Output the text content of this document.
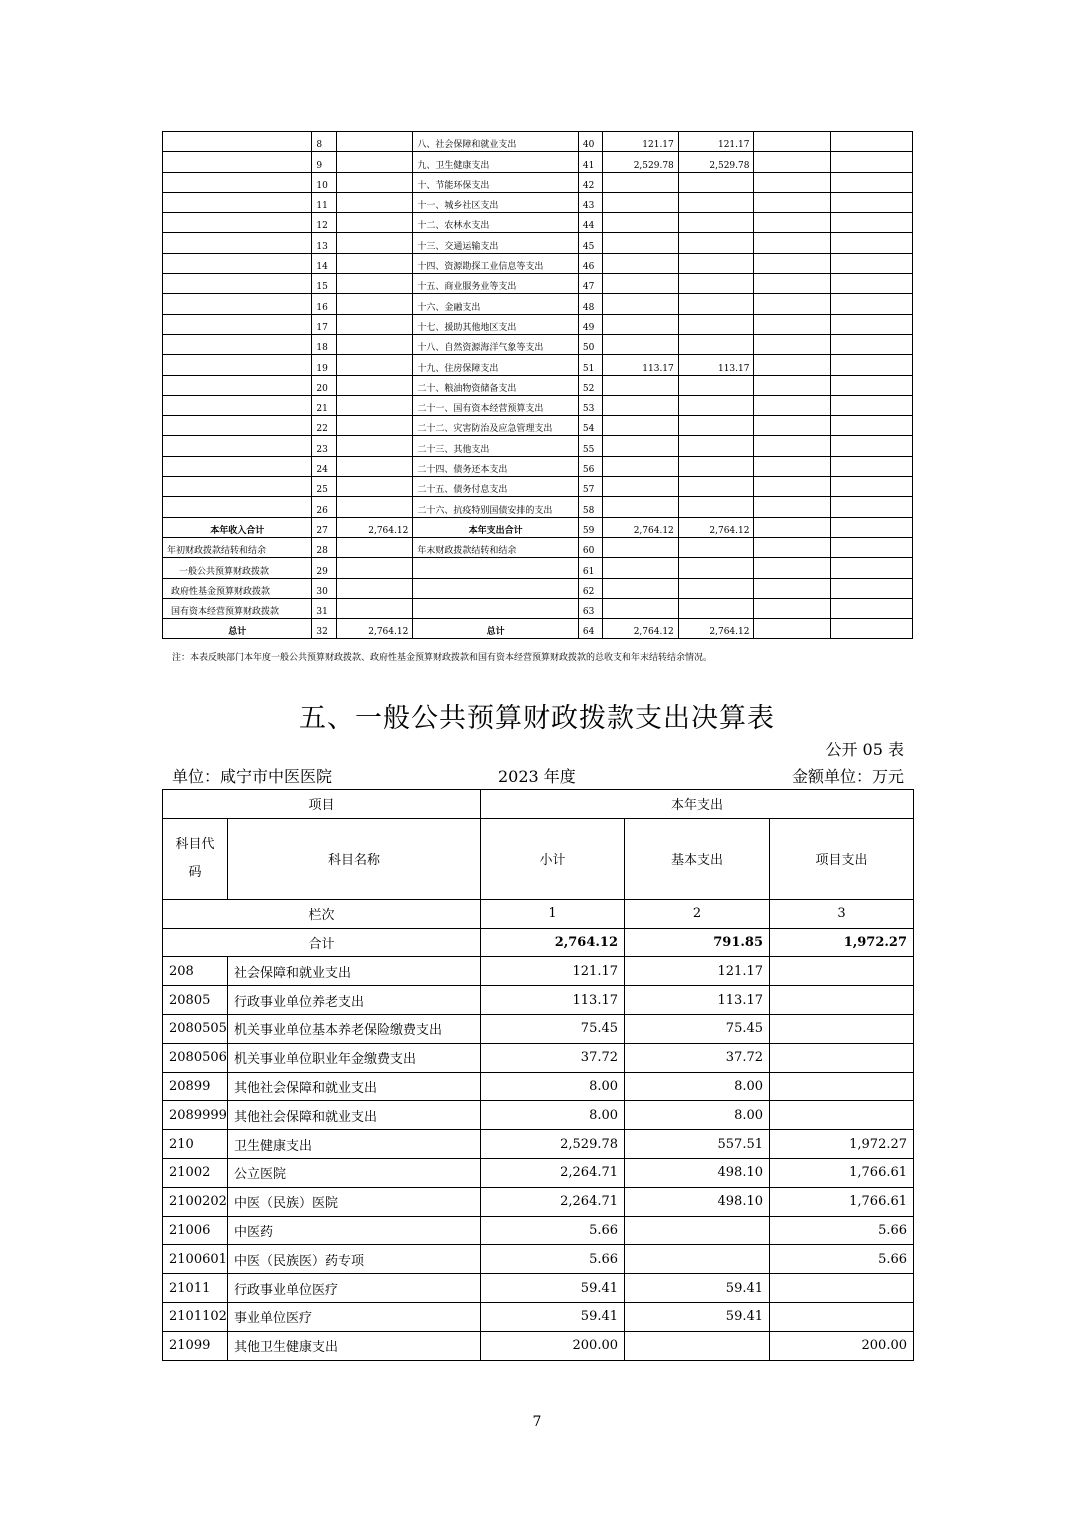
	8		八、社会保障和就业支出	40	121.17	121.17		
	9		九、卫生健康支出	41	2,529.78	2,529.78		
	10		十、节能环保支出	42				
	11		十一、城乡社区支出	43				
	12		十二、农林水支出	44				
	13		十三、交通运输支出	45				
	14		十四、资源勘探工业信息等支出	46				
	15		十五、商业服务业等支出	47				
	16		十六、金融支出	48				
	17		十七、援助其他地区支出	49				
	18		十八、自然资源海洋气象等支出	50				
	19		十九、住房保障支出	51	113.17	113.17		
	20		二十、粮油物资储备支出	52				
	21		二十一、国有资本经营预算支出	53				
	22		二十二、灾害防治及应急管理支出	54				
	23		二十三、其他支出	55				
	24		二十四、债务还本支出	56				
	25		二十五、债务付息支出	57				
	26		二十六、抗疫特别国债安排的支出	58				
本年收入合计	27	2,764.12	本年支出合计	59	2,764.12	2,764.12		
年初财政拨款结转和结余	28		年末财政拨款结转和结余	60				
一般公共预算财政拨款	29			61				
政府性基金预算财政拨款	30			62				
国有资本经营预算财政拨款	31			63				
总计	32	2,764.12	总计	64	2,764.12	2,764.12		
注：本表反映部门本年度一般公共预算财政拨款、政府性基金预算财政拨款和国有资本经营预算财政拨款的总收支和年末结转结余情况。
五、一般公共预算财政拨款支出决算表
公开 05 表
单位：咸宁市中医医院	2023 年度	金额单位：万元
项目		本年支出		
科目代码	科目名称	小计	基本支出	项目支出
栏次		1	2	3
合计		2,764.12	791.85	1,972.27
208	社会保障和就业支出	121.17	121.17	
20805	行政事业单位养老支出	113.17	113.17	
2080505	机关事业单位基本养老保险缴费支出	75.45	75.45	
2080506	机关事业单位职业年金缴费支出	37.72	37.72	
20899	其他社会保障和就业支出	8.00	8.00	
2089999	其他社会保障和就业支出	8.00	8.00	
210	卫生健康支出	2,529.78	557.51	1,972.27
21002	公立医院	2,264.71	498.10	1,766.61
2100202	中医（民族）医院	2,264.71	498.10	1,766.61
21006	中医药	5.66		5.66
2100601	中医（民族医）药专项	5.66		5.66
21011	行政事业单位医疗	59.41	59.41	
2101102	事业单位医疗	59.41	59.41	
21099	其他卫生健康支出	200.00		200.00
7
